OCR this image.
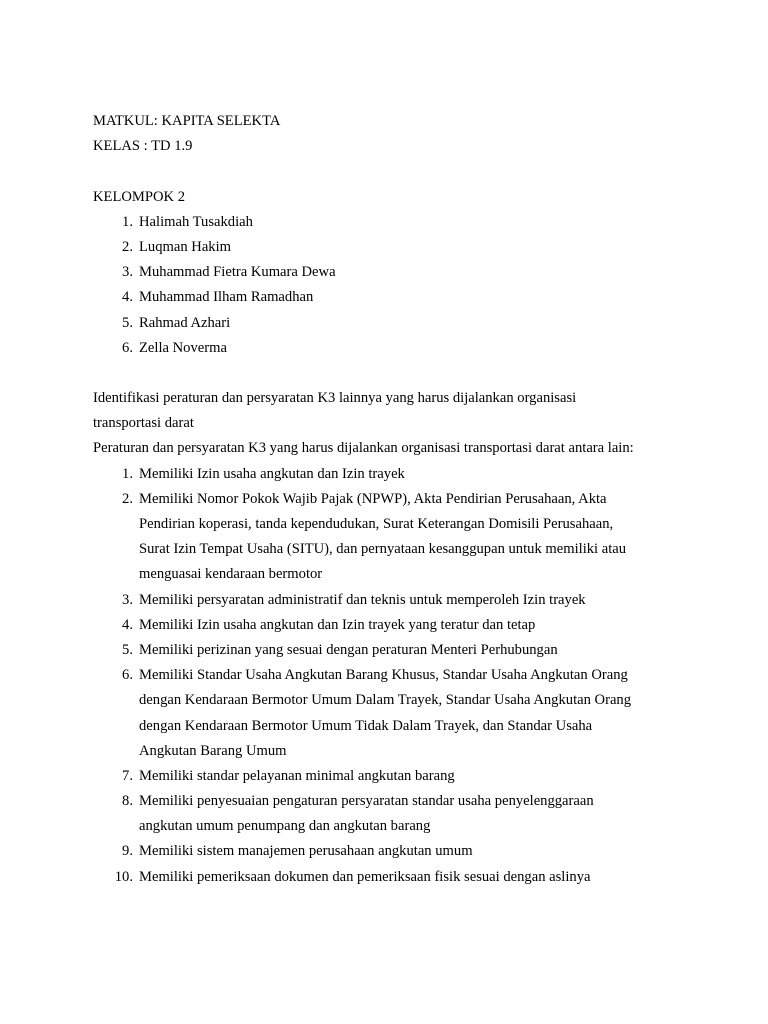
MATKUL: KAPITA SELEKTA
KELAS : TD 1.9
KELOMPOK 2
1. Halimah Tusakdiah
2. Luqman Hakim
3. Muhammad Fietra Kumara Dewa
4. Muhammad Ilham Ramadhan
5. Rahmad Azhari
6. Zella Noverma
Identifikasi peraturan dan persyaratan K3 lainnya yang harus dijalankan organisasi
transportasi darat
Peraturan dan persyaratan K3 yang harus dijalankan organisasi transportasi darat antara lain:
1. Memiliki Izin usaha angkutan dan Izin trayek
2. Memiliki Nomor Pokok Wajib Pajak (NPWP), Akta Pendirian Perusahaan, Akta
Pendirian koperasi, tanda kependudukan, Surat Keterangan Domisili Perusahaan,
Surat Izin Tempat Usaha (SITU), dan pernyataan kesanggupan untuk memiliki atau
menguasai kendaraan bermotor
3. Memiliki persyaratan administratif dan teknis untuk memperoleh Izin trayek
4. Memiliki Izin usaha angkutan dan Izin trayek yang teratur dan tetap
5. Memiliki perizinan yang sesuai dengan peraturan Menteri Perhubungan
6. Memiliki Standar Usaha Angkutan Barang Khusus, Standar Usaha Angkutan Orang
dengan Kendaraan Bermotor Umum Dalam Trayek, Standar Usaha Angkutan Orang
dengan Kendaraan Bermotor Umum Tidak Dalam Trayek, dan Standar Usaha
Angkutan Barang Umum
7. Memiliki standar pelayanan minimal angkutan barang
8. Memiliki penyesuaian pengaturan persyaratan standar usaha penyelenggaraan
angkutan umum penumpang dan angkutan barang
9. Memiliki sistem manajemen perusahaan angkutan umum
10. Memiliki pemeriksaan dokumen dan pemeriksaan fisik sesuai dengan aslinya
